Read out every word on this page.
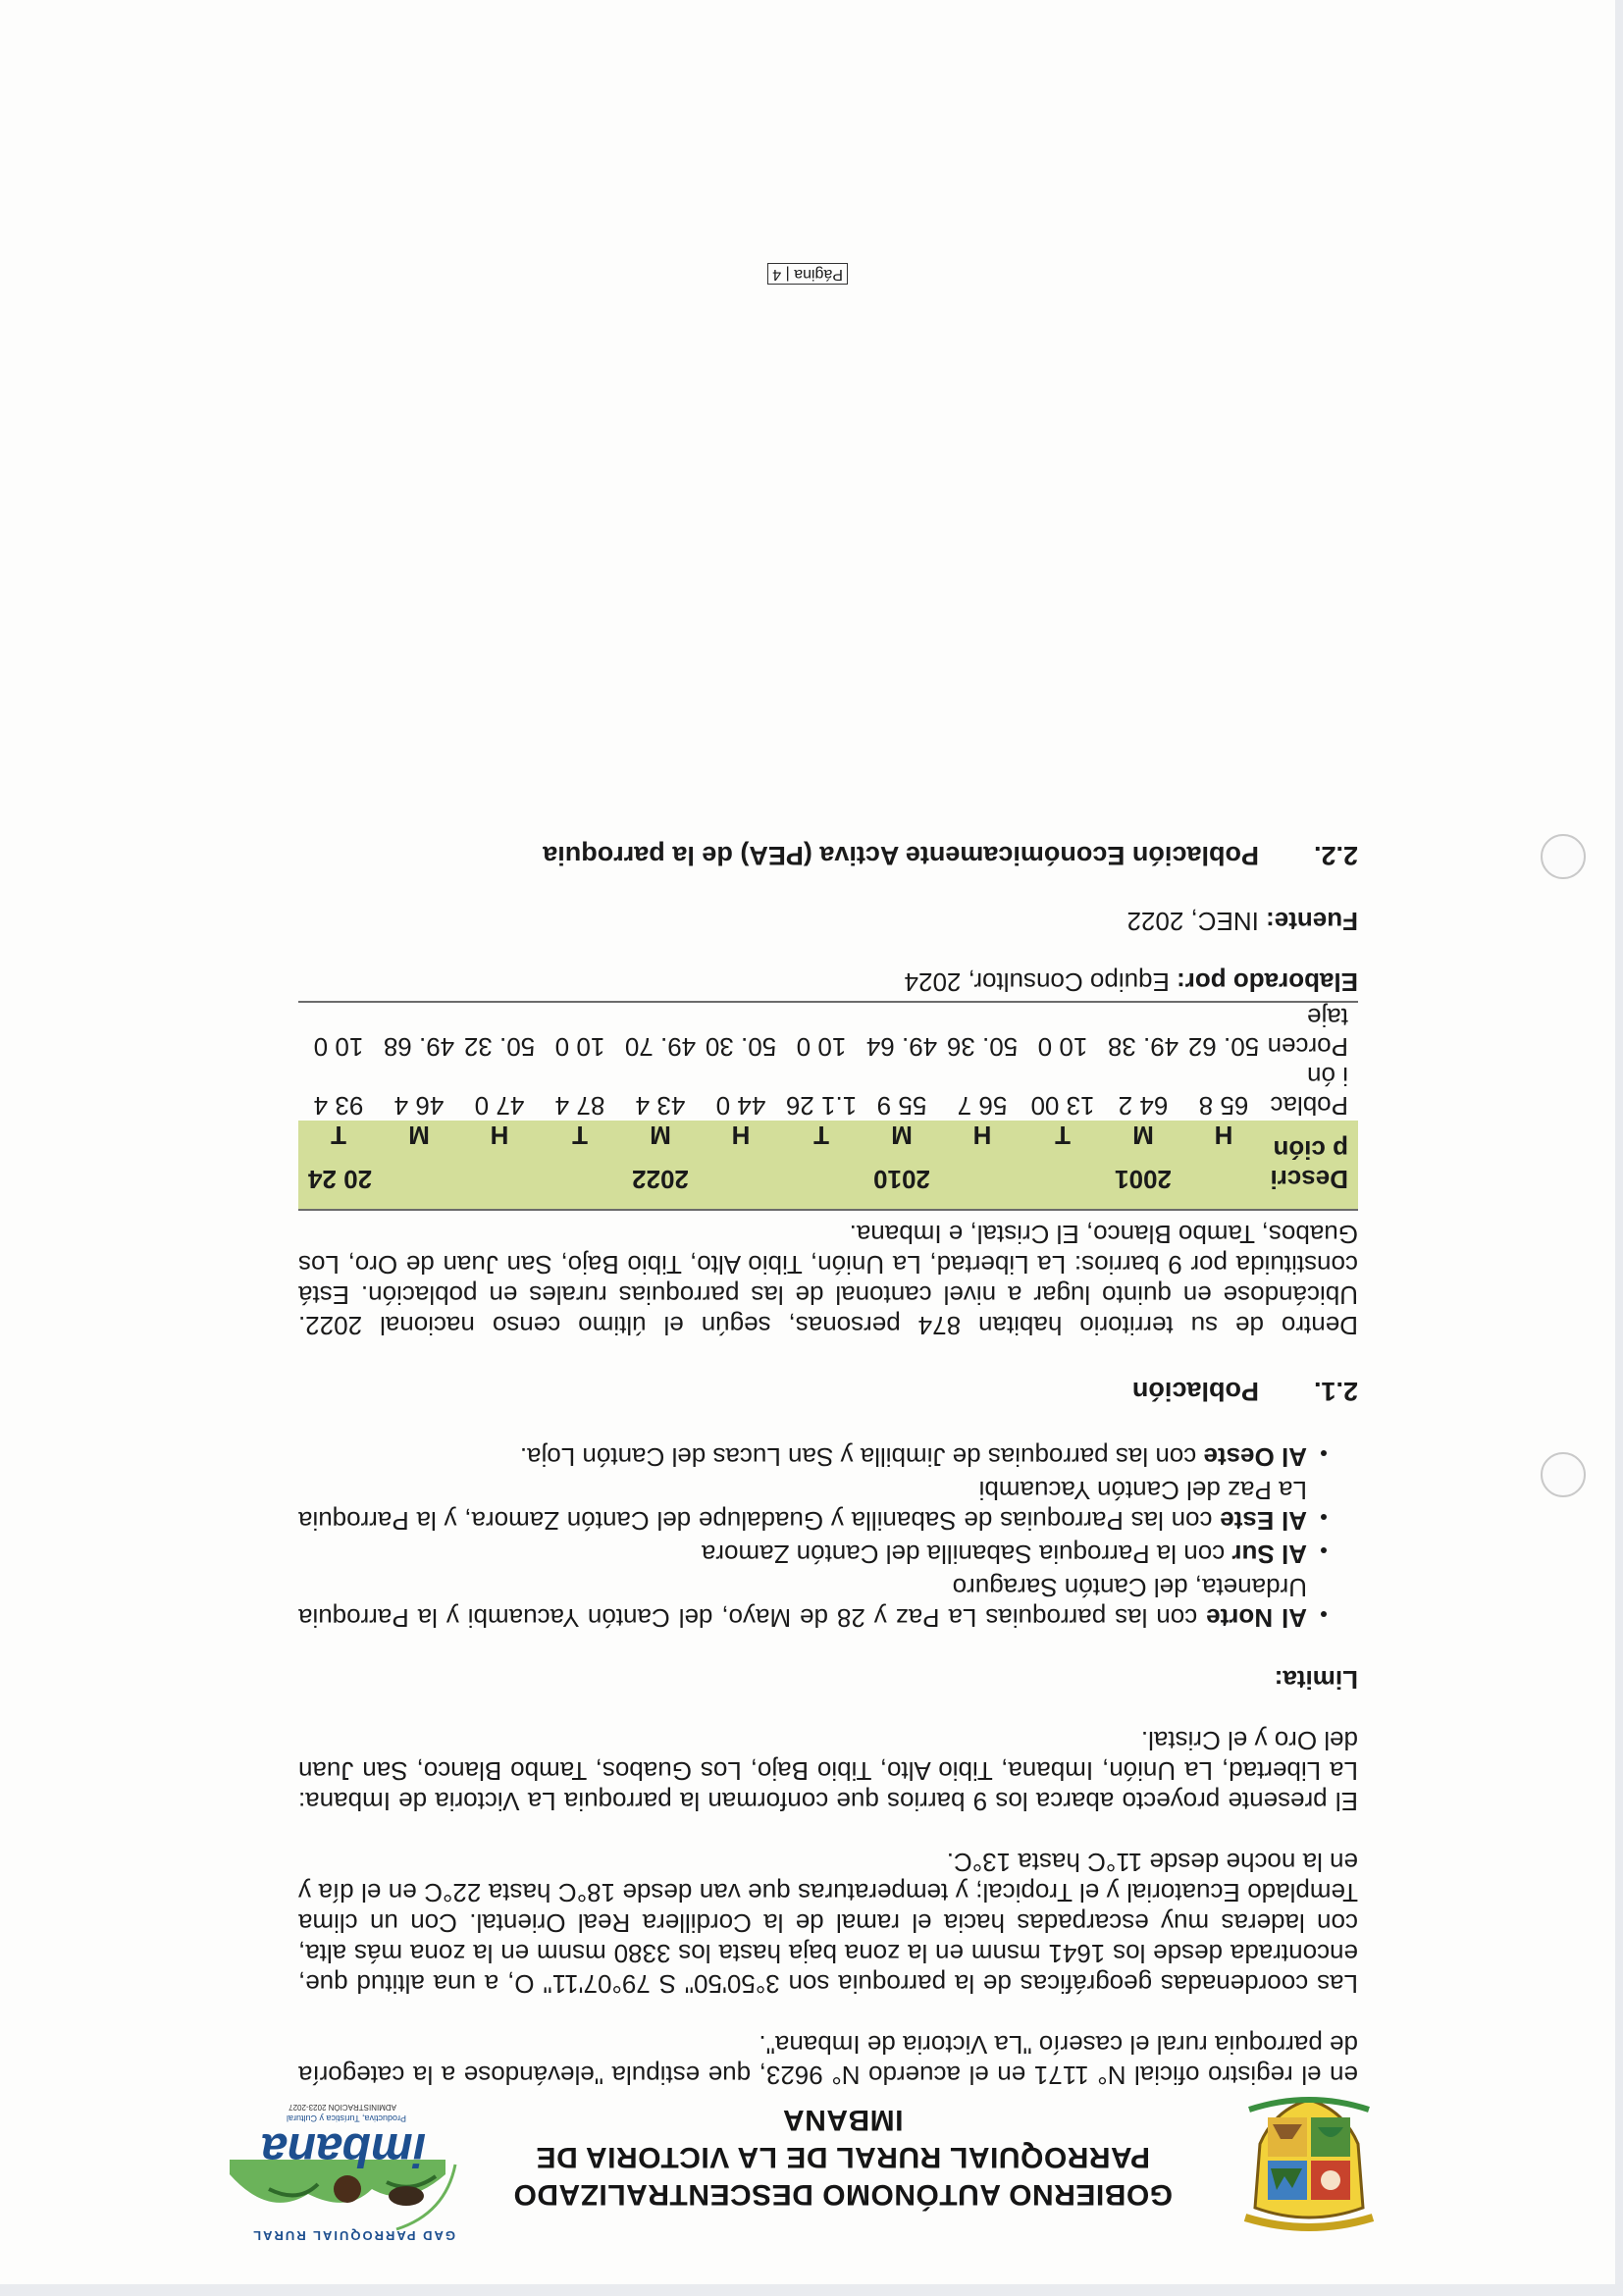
GOBIERNO AUTÓNOMO DESCENTRALIZADO
PARROQUIAL RURAL DE LA VICTORIA DE IMBANA
GAD PARROQUIAL RURAL
imbana
Productiva, Turística y Cultural
ADMINISTRACIÓN 2023-2027

en el registro oficial N° 1171 en el acuerdo N° 9623, que estipula "elevándose a la categoría de parroquia rural el caserío "La Victoria de Imbana".

Las coordenadas geográficas de la parroquia son 3°50'50" S 79°07'11" O, a una altitud que, encontrada desde los 1641 msnm en la zona baja hasta los 3380 msnm en la zona más alta, con laderas muy escarpadas hacia el ramal de la Cordillera Real Oriental. Con un clima Templado Ecuatorial y el Tropical; y temperaturas que van desde 18°C hasta 22°C en el día y en la noche desde 11°C hasta 13°C.

El presente proyecto abarca los 9 barrios que conforman la parroquia La Victoria de Imbana: La Libertad, La Unión, Imbana, Tibio Alto, Tibio Bajo, Los Guabos, Tambo Blanco, San Juan del Oro y el Cristal.

Limita:
• Al Norte con las parroquias La Paz y 28 de Mayo, del Cantón Yacuambi y la Parroquia Urdaneta, del Cantón Saraguro
• Al Sur con la Parroquia Sabanilla del Cantón Zamora
• Al Este con las Parroquias de Sabanilla y Guadalupe del Cantón Zamora, y la Parroquia La Paz del Cantón Yacuambi
• Al Oeste con las parroquias de Jimbilla y San Lucas del Cantón Loja.
2.1.
Población

Dentro de su territorio habitan 874 personas, según el último censo nacional 2022. Ubicándose en quinto lugar a nivel cantonal de las parroquias rurales en población. Está constituida por 9 barrios: La Libertad, La Unión, Tibio Alto, Tibio Bajo, San Juan de Oro, Los Guabos, Tambo Blanco, El Cristal, e Imbana.

Descrip ción	2001			2010			2022			20 24		
	H	M	T	H	M	T	H	M	T	H	M	T
Poblaci ón	65 8	64 2	13 00	56 7	55 9	1.1 26	44 0	43 4	87 4	47 0	46 4	93 4
Porcen taje	50. 62	49. 38	10 0	50. 36	49. 64	10 0	50. 30	49. 70	10 0	50. 32	49. 68	10 0

Elaborado por: Equipo Consultor, 2024

Fuente: INEC, 2022

2.2.
Población Económicamente Activa (PEA) de la parroquia
Página | 4
